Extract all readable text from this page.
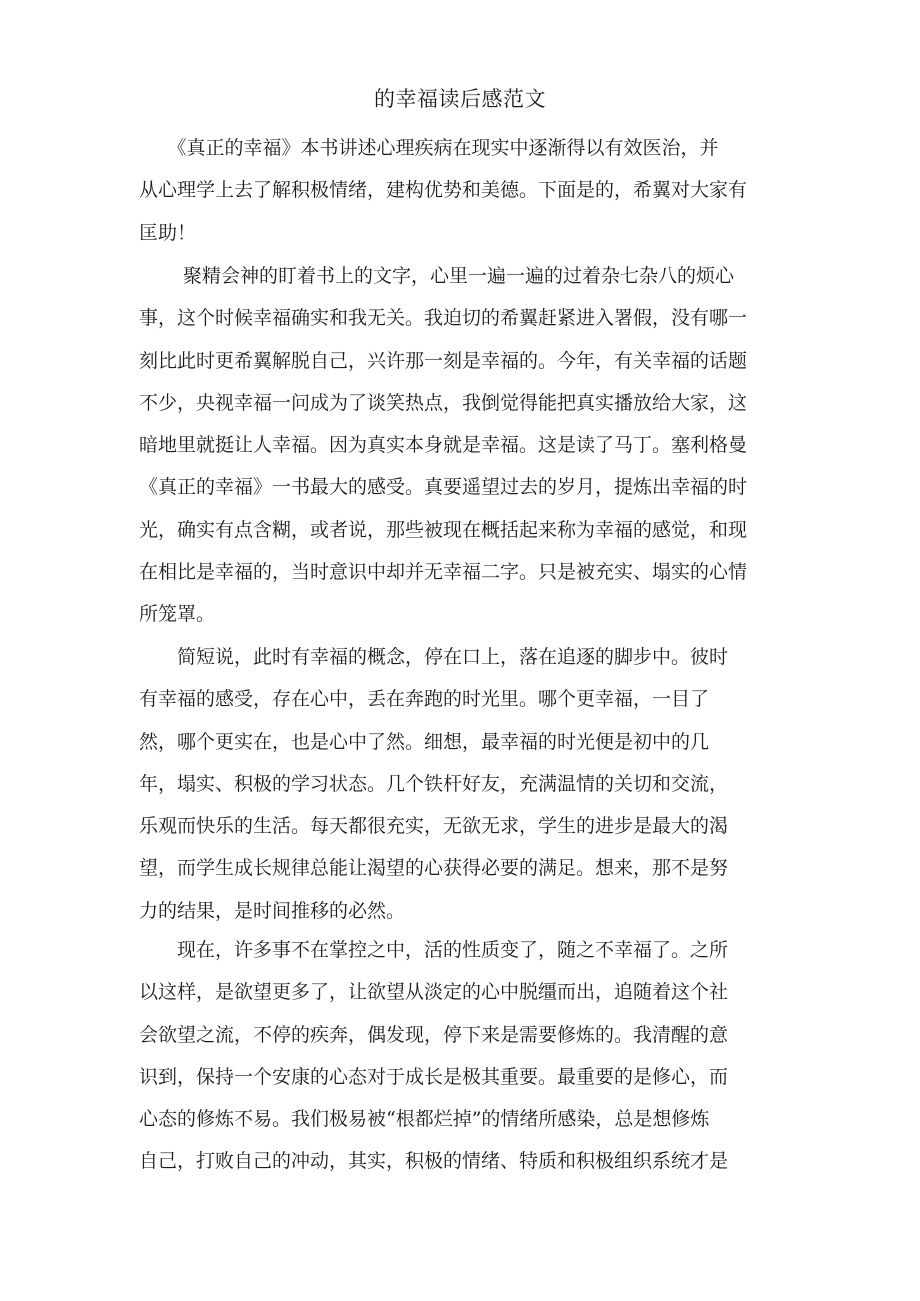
的幸福读后感范文
　　《真正的幸福》本书讲述心理疾病在现实中逐渐得以有效医治，并
从心理学上去了解积极情绪，建构优势和美德。下面是的，希翼对大家有
匡助！
　　 聚精会神的盯着书上的文字，心里一遍一遍的过着杂七杂八的烦心
事，这个时候幸福确实和我无关。我迫切的希翼赶紧进入署假，没有哪一
刻比此时更希翼解脱自己，兴许那一刻是幸福的。今年，有关幸福的话题
不少，央视幸福一问成为了谈笑热点，我倒觉得能把真实播放给大家，这
暗地里就挺让人幸福。因为真实本身就是幸福。这是读了马丁。塞利格曼
《真正的幸福》一书最大的感受。真要遥望过去的岁月，提炼出幸福的时
光，确实有点含糊，或者说，那些被现在概括起来称为幸福的感觉，和现
在相比是幸福的，当时意识中却并无幸福二字。只是被充实、塌实的心情
所笼罩。
　　简短说，此时有幸福的概念，停在口上，落在追逐的脚步中。彼时
有幸福的感受，存在心中，丢在奔跑的时光里。哪个更幸福，一目了
然，哪个更实在，也是心中了然。细想，最幸福的时光便是初中的几
年，塌实、积极的学习状态。几个铁杆好友，充满温情的关切和交流，
乐观而快乐的生活。每天都很充实，无欲无求，学生的进步是最大的渴
望，而学生成长规律总能让渴望的心获得必要的满足。想来，那不是努
力的结果，是时间推移的必然。
　　现在，许多事不在掌控之中，活的性质变了，随之不幸福了。之所
以这样，是欲望更多了，让欲望从淡定的心中脱缰而出，追随着这个社
会欲望之流，不停的疾奔，偶发现，停下来是需要修炼的。我清醒的意
识到，保持一个安康的心态对于成长是极其重要。最重要的是修心，而
心态的修炼不易。我们极易被“根都烂掉”的情绪所感染，总是想修炼
自己，打败自己的冲动，其实，积极的情绪、特质和积极组织系统才是
